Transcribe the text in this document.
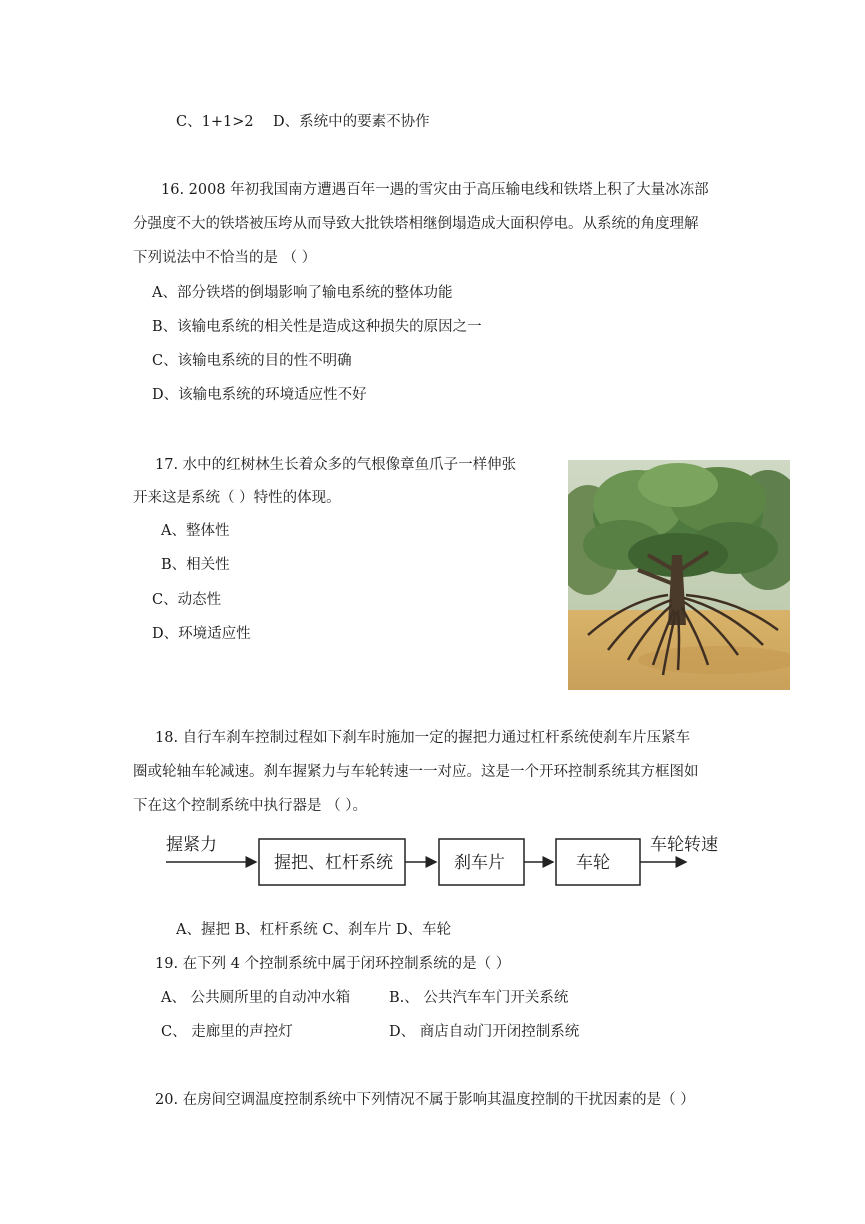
C、1+1>2 D、系统中的要素不协作
16. 2008 年初我国南方遭遇百年一遇的雪灾由于高压输电线和铁塔上积了大量冰冻部
分强度不大的铁塔被压垮从而导致大批铁塔相继倒塌造成大面积停电。从系统的角度理解
下列说法中不恰当的是 （ ）
A、部分铁塔的倒塌影响了输电系统的整体功能
B、该输电系统的相关性是造成这种损失的原因之一
C、该输电系统的目的性不明确
D、该输电系统的环境适应性不好
17. 水中的红树林生长着众多的气根像章鱼爪子一样伸张
开来这是系统（ ）特性的体现。
A、整体性
B、相关性
C、动态性
D、环境适应性
18. 自行车刹车控制过程如下刹车时施加一定的握把力通过杠杆系统使刹车片压紧车
圈或轮轴车轮减速。刹车握紧力与车轮转速一一对应。这是一个开环控制系统其方框图如
下在这个控制系统中执行器是 （ ）。
握紧力
握把、杠杆系统	刹车片	车轮
车轮转速
A、握把 B、杠杆系统 C、刹车片 D、车轮
19. 在下列 4 个控制系统中属于闭环控制系统的是（ ）
A、 公共厕所里的自动冲水箱	B.、 公共汽车车门开关系统
C、 走廊里的声控灯	D、 商店自动门开闭控制系统
20. 在房间空调温度控制系统中下列情况不属于影响其温度控制的干扰因素的是（ ）
